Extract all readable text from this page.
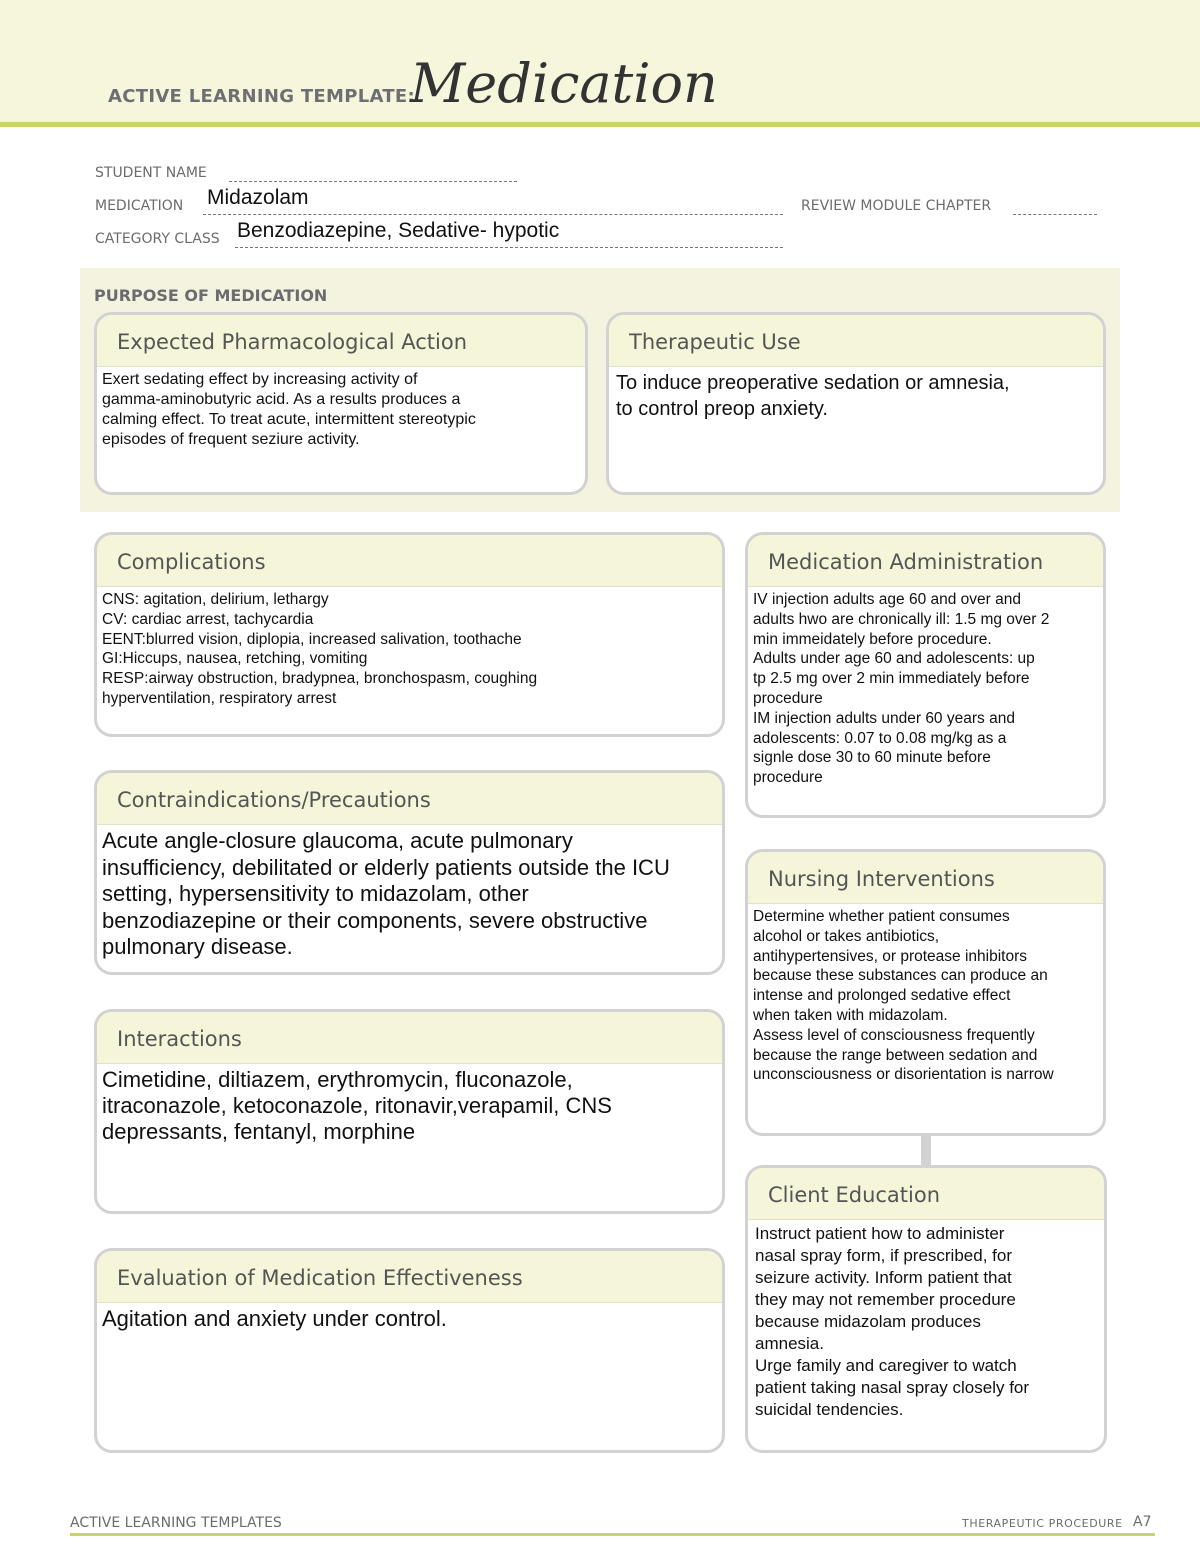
ACTIVE LEARNING TEMPLATE:
Medication
STUDENT NAME
MEDICATION Midazolam	REVIEW MODULE CHAPTER
CATEGORY CLASS Benzodiazepine, Sedative- hypotic
PURPOSE OF MEDICATION
Expected Pharmacological Action
Exert sedating effect by increasing activity of
gamma-aminobutyric acid. As a results produces a
calming effect. To treat acute, intermittent stereotypic
episodes of frequent seziure activity.
Therapeutic Use
To induce preoperative sedation or amnesia,
to control preop anxiety.
Complications
CNS: agitation, delirium, lethargy
CV: cardiac arrest, tachycardia
EENT:blurred vision, diplopia, increased salivation, toothache
GI:Hiccups, nausea, retching, vomiting
RESP:airway obstruction, bradypnea, bronchospasm, coughing
hyperventilation, respiratory arrest
Contraindications/Precautions
Acute angle-closure glaucoma, acute pulmonary
insufficiency, debilitated or elderly patients outside the ICU
setting, hypersensitivity to midazolam, other
benzodiazepine or their components, severe obstructive
pulmonary disease.
Interactions
Cimetidine, diltiazem, erythromycin, fluconazole,
itraconazole, ketoconazole, ritonavir,verapamil, CNS
depressants, fentanyl, morphine
Evaluation of Medication Effectiveness
Agitation and anxiety under control.
Medication Administration
IV injection adults age 60 and over and
adults hwo are chronically ill: 1.5 mg over 2
min immeidately before procedure.
Adults under age 60 and adolescents: up
tp 2.5 mg over 2 min immediately before
procedure
IM injection adults under 60 years and
adolescents: 0.07 to 0.08 mg/kg as a
signle dose 30 to 60 minute before
procedure
Nursing Interventions
Determine whether patient consumes
alcohol or takes antibiotics,
antihypertensives, or protease inhibitors
because these substances can produce an
intense and prolonged sedative effect
when taken with midazolam.
Assess level of consciousness frequently
because the range between sedation and
unconsciousness or disorientation is narrow
Client Education
Instruct patient how to administer
nasal spray form, if prescribed, for
seizure activity. Inform patient that
they may not remember procedure
because midazolam produces
amnesia.
Urge family and caregiver to watch
patient taking nasal spray closely for
suicidal tendencies.
ACTIVE LEARNING TEMPLATES	THERAPEUTIC PROCEDURE A7
